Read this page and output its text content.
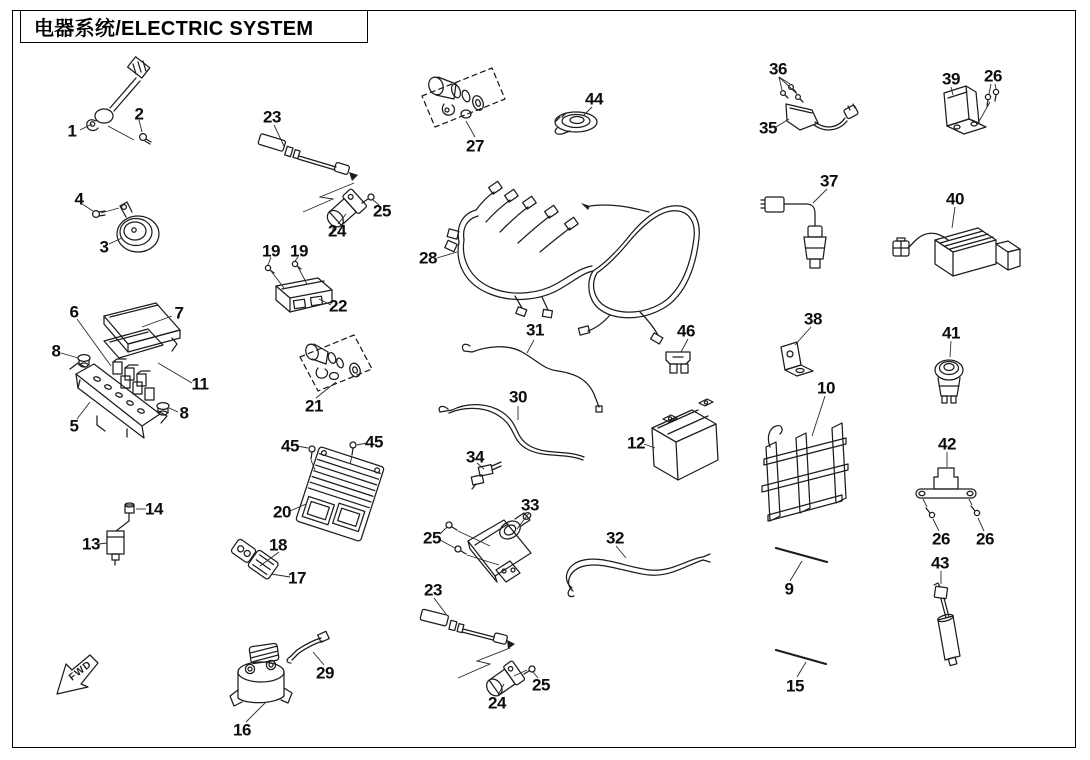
电器系统/ELECTRIC SYSTEM
FWD
1
2
3
4
5
6	7
8
8
9
10
11
12
13
14
15
16
17
18
19 19
20
21
22
23
23
24
24
25
25
25
26
26 26
27
28
29
30
31
32
33
34
35
36
37
38
39
40
41
42
43
44
45	45
46
